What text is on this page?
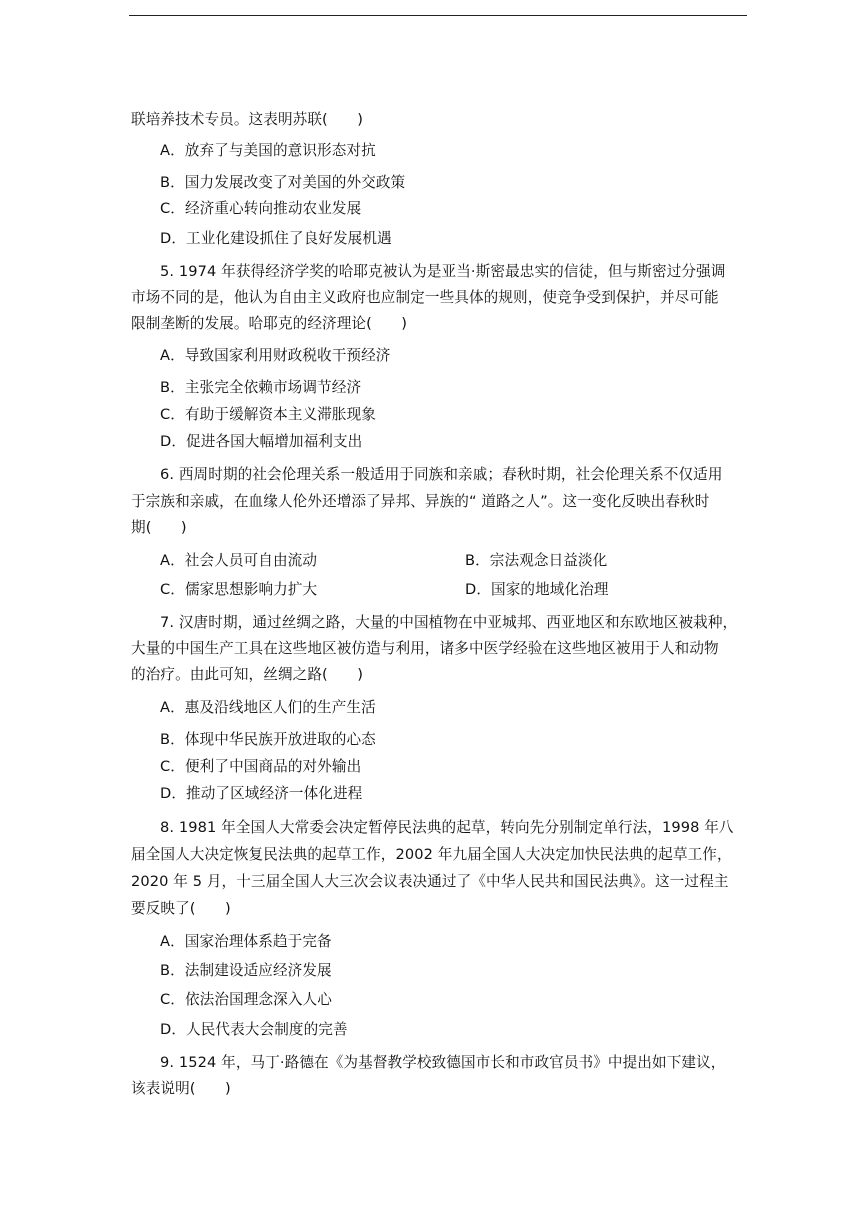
联培养技术专员。这表明苏联(　　)
A．放弃了与美国的意识形态对抗
B．国力发展改变了对美国的外交政策
C．经济重心转向推动农业发展
D．工业化建设抓住了良好发展机遇
5. 1974 年获得经济学奖的哈耶克被认为是亚当·斯密最忠实的信徒，但与斯密过分强调
市场不同的是，他认为自由主义政府也应制定一些具体的规则，使竞争受到保护，并尽可能
限制垄断的发展。哈耶克的经济理论(　　)
A．导致国家利用财政税收干预经济
B．主张完全依赖市场调节经济
C．有助于缓解资本主义滞胀现象
D．促进各国大幅增加福利支出
6. 西周时期的社会伦理关系一般适用于同族和亲戚；春秋时期，社会伦理关系不仅适用
于宗族和亲戚，在血缘人伦外还增添了异邦、异族的“ 道路之人”。这一变化反映出春秋时
期(　　)
A．社会人员可自由流动	B．宗法观念日益淡化
C．儒家思想影响力扩大	D．国家的地域化治理
7. 汉唐时期，通过丝绸之路，大量的中国植物在中亚城邦、西亚地区和东欧地区被栽种，
大量的中国生产工具在这些地区被仿造与利用，诸多中医学经验在这些地区被用于人和动物
的治疗。由此可知，丝绸之路(　　)
A．惠及沿线地区人们的生产生活
B．体现中华民族开放进取的心态
C．便利了中国商品的对外输出
D．推动了区域经济一体化进程
8. 1981 年全国人大常委会决定暂停民法典的起草，转向先分别制定单行法，1998 年八
届全国人大决定恢复民法典的起草工作，2002 年九届全国人大决定加快民法典的起草工作，
2020 年 5 月，十三届全国人大三次会议表决通过了《中华人民共和国民法典》。这一过程主
要反映了(　　)
A．国家治理体系趋于完备
B．法制建设适应经济发展
C．依法治国理念深入人心
D．人民代表大会制度的完善
9. 1524 年，马丁·路德在《为基督教学校致德国市长和市政官员书》中提出如下建议，
该表说明(　　)
